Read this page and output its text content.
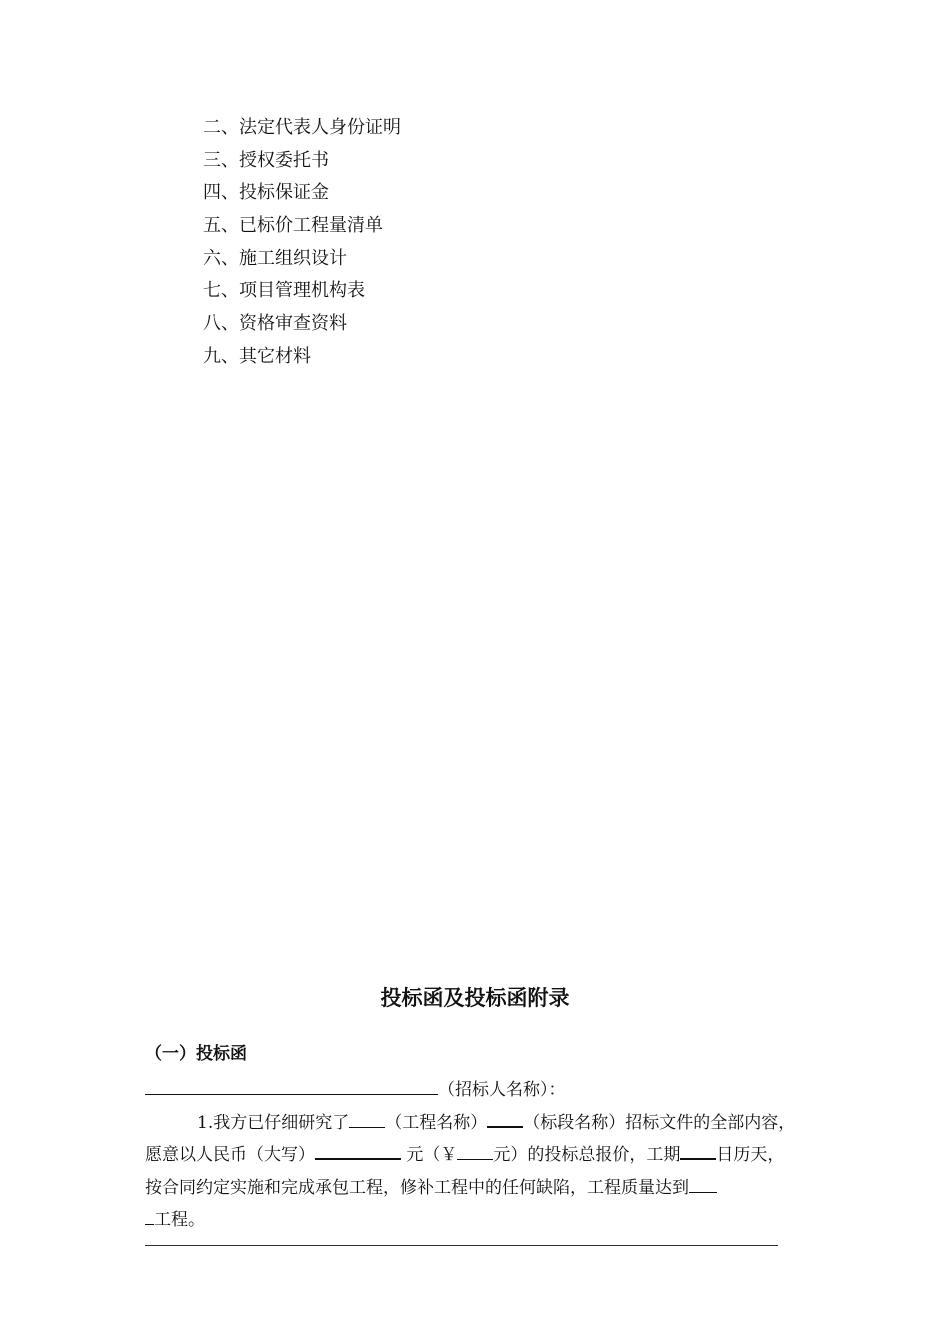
二、法定代表人身份证明
三、授权委托书
四、投标保证金
五、已标价工程量清单
六、施工组织设计
七、项目管理机构表
八、资格审查资料
九、其它材料
投标函及投标函附录
（一）投标函
（招标人名称）：
1.我方已仔细研究了 （工程名称） （标段名称）招标文件的全部内容，
愿意以人民币（大写）	元（￥ 元）的投标总报价，工期 日历天，
按合同约定实施和完成承包工程，修补工程中的任何缺陷，工程质量达到
工程。
